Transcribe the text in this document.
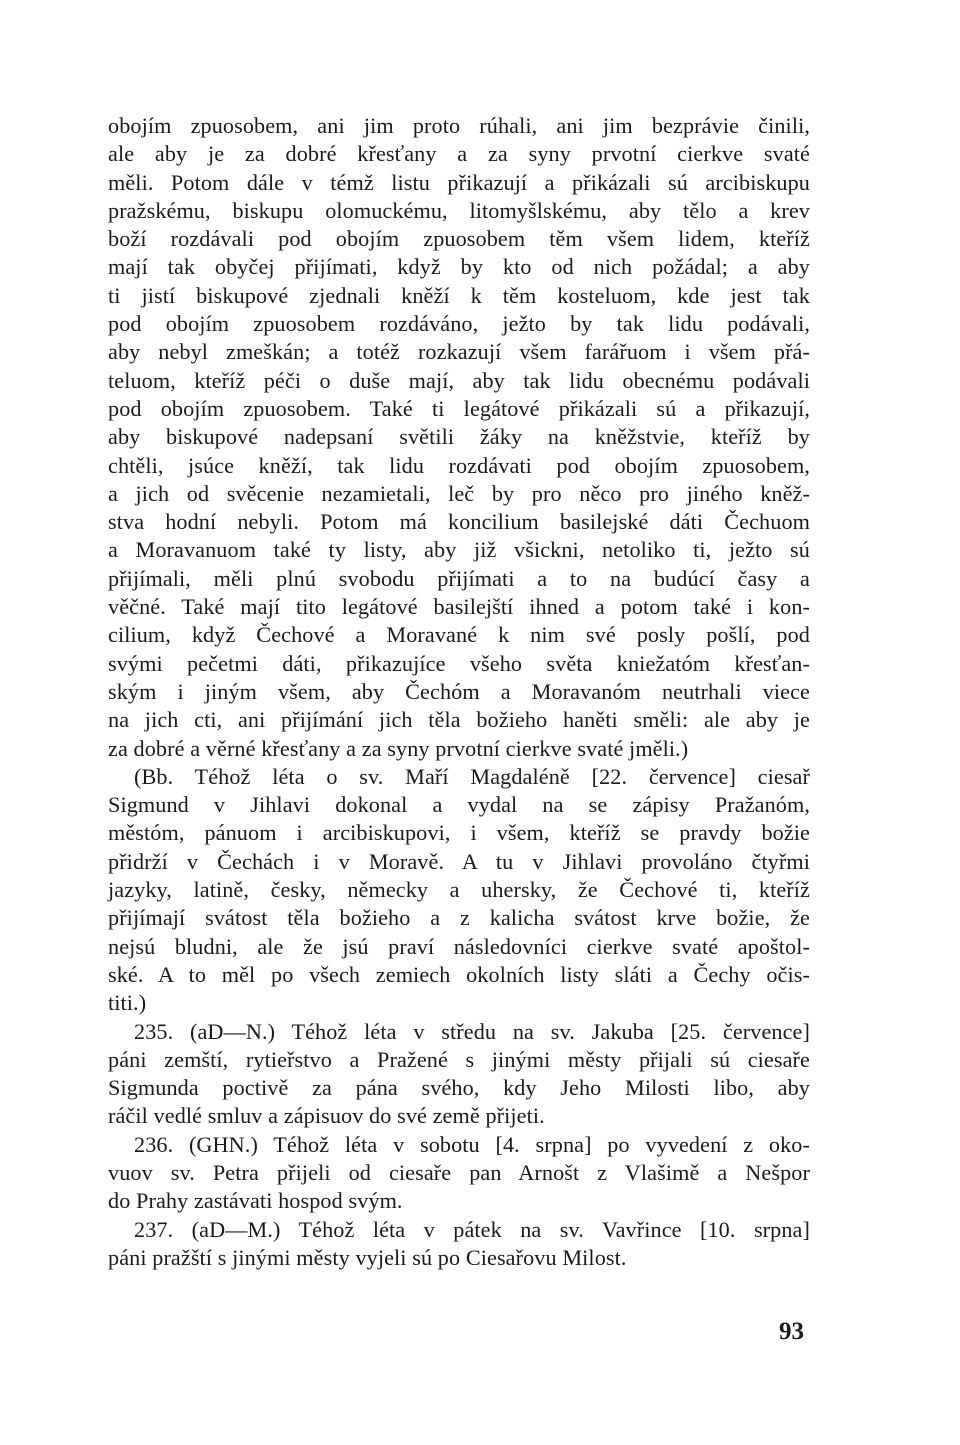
obojím zpuosobem, ani jim proto rúhali, ani jim bezprávie činili,
ale aby je za dobré křesťany a za syny prvotní cierkve svaté
měli. Potom dále v témž listu přikazují a přikázali sú arcibiskupu
pražskému, biskupu olomuckému, litomyšlskému, aby tělo a krev
boží rozdávali pod obojím zpuosobem těm všem lidem, kteříž
mají tak obyčej přijímati, když by kto od nich požádal; a aby
ti jistí biskupové zjednali kněží k těm kosteluom, kde jest tak
pod obojím zpuosobem rozdáváno, ježto by tak lidu podávali,
aby nebyl zmeškán; a totéž rozkazují všem farářuom i všem přá-
teluom, kteříž péči o duše mají, aby tak lidu obecnému podávali
pod obojím zpuosobem. Také ti legátové přikázali sú a přikazují,
aby biskupové nadepsaní světili žáky na kněžstvie, kteříž by
chtěli, jsúce kněží, tak lidu rozdávati pod obojím zpuosobem,
a jich od svěcenie nezamietali, leč by pro něco pro jiného kněž-
stva hodní nebyli. Potom má koncilium basilejské dáti Čechuom
a Moravanuom také ty listy, aby již všickni, netoliko ti, ježto sú
přijímali, měli plnú svobodu přijímati a to na budúcí časy a
věčné. Také mají tito legátové basilejští ihned a potom také i kon-
cilium, když Čechové a Moravané k nim své posly pošlí, pod
svými pečetmi dáti, přikazujíce všeho světa kniežatóm křesťan-
ským i jiným všem, aby Čechóm a Moravanóm neutrhali viece
na jich cti, ani přijímání jich těla božieho haněti směli: ale aby je
za dobré a věrné křesťany a za syny prvotní cierkve svaté jměli.)
(Bb. Téhož léta o sv. Maří Magdaléně [22. července] ciesař
Sigmund v Jihlavi dokonal a vydal na se zápisy Pražanóm,
městóm, pánuom i arcibiskupovi, i všem, kteříž se pravdy božie
přidrží v Čechách i v Moravě. A tu v Jihlavi provoláno čtyřmi
jazyky, latině, česky, německy a uhersky, že Čechové ti, kteříž
přijímají svátost těla božieho a z kalicha svátost krve božie, že
nejsú bludni, ale že jsú praví následovníci cierkve svaté apoštol-
ské. A to měl po všech zemiech okolních listy sláti a Čechy očis-
titi.)
235. (aD—N.) Téhož léta v středu na sv. Jakuba [25. července]
páni zemští, rytieřstvo a Pražené s jinými městy přijali sú ciesaře
Sigmunda poctivě za pána svého, kdy Jeho Milosti libo, aby
ráčil vedlé smluv a zápisuov do své země přijeti.
236. (GHN.) Téhož léta v sobotu [4. srpna] po vyvedení z oko-
vuov sv. Petra přijeli od ciesaře pan Arnošt z Vlašimě a Nešpor
do Prahy zastávati hospod svým.
237. (aD—M.) Téhož léta v pátek na sv. Vavřince [10. srpna]
páni pražští s jinými městy vyjeli sú po Ciesařovu Milost.
93
